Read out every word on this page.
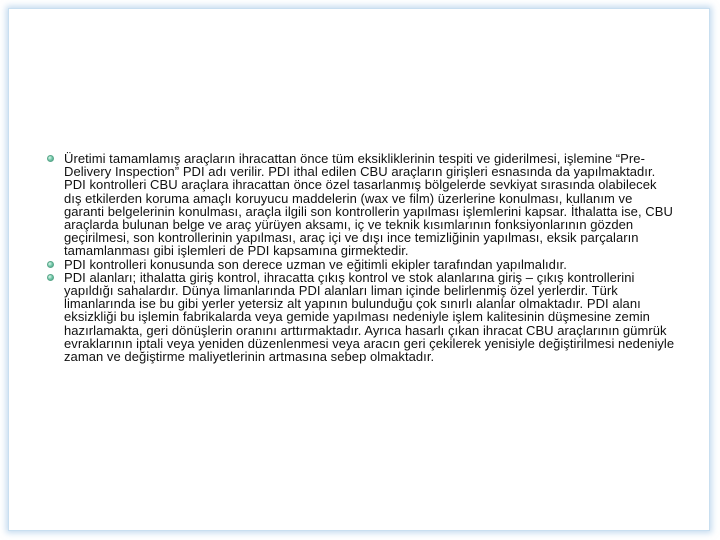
Üretimi tamamlamış araçların ihracattan önce tüm eksikliklerinin tespiti ve giderilmesi, işlemine “Pre-Delivery Inspection” PDI adı verilir. PDI ithal edilen CBU araçların girişleri esnasında da yapılmaktadır. PDI kontrolleri CBU araçlara ihracattan önce özel tasarlanmış bölgelerde sevkiyat sırasında olabilecek dış etkilerden koruma amaçlı koruyucu maddelerin (wax ve film) üzerlerine konulması, kullanım ve garanti belgelerinin konulması, araçla ilgili son kontrollerin yapılması işlemlerini kapsar. İthalatta ise, CBU araçlarda bulunan belge ve araç yürüyen aksamı, iç ve teknik kısımlarının fonksiyonlarının gözden geçirilmesi, son kontrollerinin yapılması, araç içi ve dışı ince temizliğinin yapılması, eksik parçaların tamamlanması gibi işlemleri de PDI kapsamına girmektedir.
PDI kontrolleri konusunda son derece uzman ve eğitimli ekipler tarafından yapılmalıdır.
PDI alanları; ithalatta giriş kontrol, ihracatta çıkış kontrol ve stok alanlarına giriş – çıkış kontrollerini yapıldığı sahalardır. Dünya limanlarında PDI alanları liman içinde belirlenmiş özel yerlerdir. Türk limanlarında ise bu gibi yerler yetersiz alt yapının bulunduğu çok sınırlı alanlar olmaktadır. PDI alanı eksizkliği bu işlemin fabrikalarda veya gemide yapılması nedeniyle işlem kalitesinin düşmesine zemin hazırlamakta, geri dönüşlerin oranını arttırmaktadır. Ayrıca hasarlı çıkan ihracat CBU araçlarının gümrük evraklarının iptali veya yeniden düzenlenmesi veya aracın geri çekilerek yenisiyle değiştirilmesi nedeniyle zaman ve değiştirme maliyetlerinin artmasına sebep olmaktadır.
